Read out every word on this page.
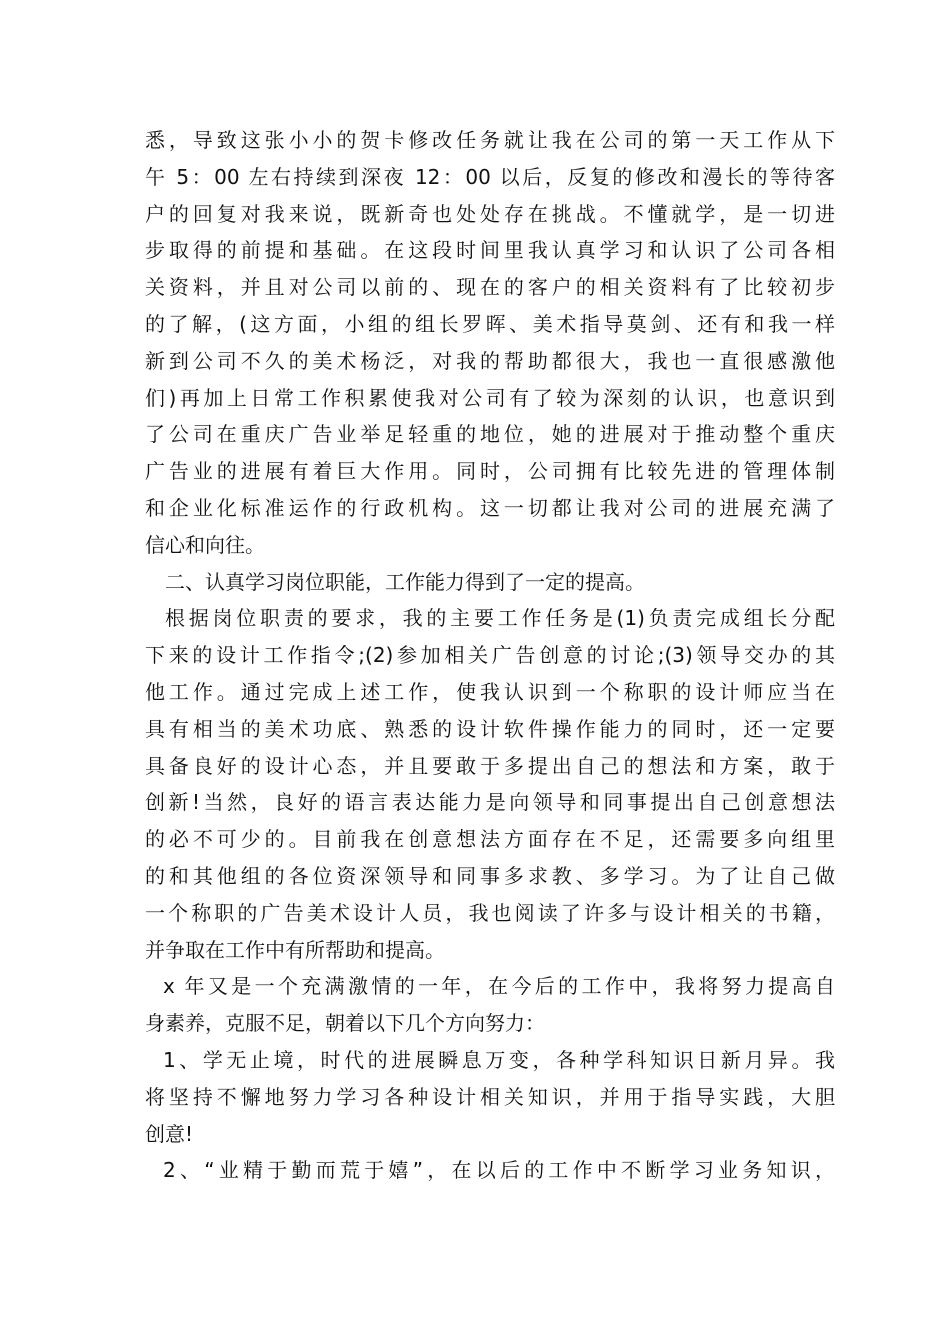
悉，导致这张小小的贺卡修改任务就让我在公司的第一天工作从下
午 5：00 左右持续到深夜 12：00 以后，反复的修改和漫长的等待客
户的回复对我来说，既新奇也处处存在挑战。不懂就学，是一切进
步取得的前提和基础。在这段时间里我认真学习和认识了公司各相
关资料，并且对公司以前的、现在的客户的相关资料有了比较初步
的了解，(这方面，小组的组长罗晖、美术指导莫剑、还有和我一样
新到公司不久的美术杨泛，对我的帮助都很大，我也一直很感激他
们)再加上日常工作积累使我对公司有了较为深刻的认识，也意识到
了公司在重庆广告业举足轻重的地位，她的进展对于推动整个重庆
广告业的进展有着巨大作用。同时，公司拥有比较先进的管理体制
和企业化标准运作的行政机构。这一切都让我对公司的进展充满了
信心和向往。
二、认真学习岗位职能，工作能力得到了一定的提高。
根据岗位职责的要求，我的主要工作任务是(1)负责完成组长分配
下来的设计工作指令;(2)参加相关广告创意的讨论;(3)领导交办的其
他工作。通过完成上述工作，使我认识到一个称职的设计师应当在
具有相当的美术功底、熟悉的设计软件操作能力的同时，还一定要
具备良好的设计心态，并且要敢于多提出自己的想法和方案，敢于
创新!当然，良好的语言表达能力是向领导和同事提出自己创意想法
的必不可少的。目前我在创意想法方面存在不足，还需要多向组里
的和其他组的各位资深领导和同事多求教、多学习。为了让自己做
一个称职的广告美术设计人员，我也阅读了许多与设计相关的书籍，
并争取在工作中有所帮助和提高。
x 年又是一个充满激情的一年，在今后的工作中，我将努力提高自
身素养，克服不足，朝着以下几个方向努力：
1、学无止境，时代的进展瞬息万变，各种学科知识日新月异。我
将坚持不懈地努力学习各种设计相关知识，并用于指导实践，大胆
创意!
2、“业精于勤而荒于嬉”，在以后的工作中不断学习业务知识，
